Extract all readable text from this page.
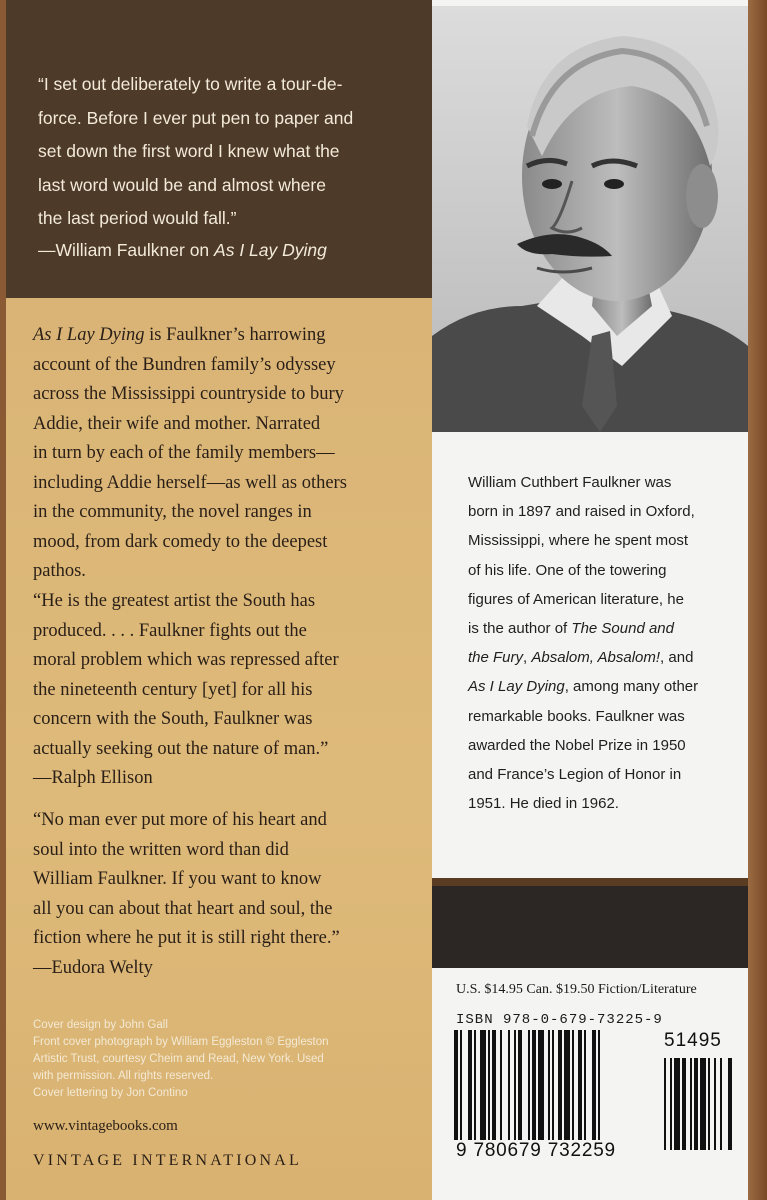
“I set out deliberately to write a tour-de-
force. Before I ever put pen to paper and
set down the first word I knew what the
last word would be and almost where
the last period would fall.”
—William Faulkner on As I Lay Dying
As I Lay Dying is Faulkner’s harrowing
account of the Bundren family’s odyssey
across the Mississippi countryside to bury
Addie, their wife and mother. Narrated
in turn by each of the family members—
including Addie herself—as well as others
in the community, the novel ranges in
mood, from dark comedy to the deepest
pathos.
“He is the greatest artist the South has
produced. . . . Faulkner fights out the
moral problem which was repressed after
the nineteenth century [yet] for all his
concern with the South, Faulkner was
actually seeking out the nature of man.”
—Ralph Ellison
“No man ever put more of his heart and
soul into the written word than did
William Faulkner. If you want to know
all you can about that heart and soul, the
fiction where he put it is still right there.”
—Eudora Welty
Cover design by John Gall
Front cover photograph by William Eggleston © Eggleston
Artistic Trust, courtesy Cheim and Read, New York. Used
with permission. All rights reserved.
Cover lettering by Jon Contino
www.vintagebooks.com
VINTAGE INTERNATIONAL
William Cuthbert Faulkner was
born in 1897 and raised in Oxford,
Mississippi, where he spent most
of his life. One of the towering
figures of American literature, he
is the author of The Sound and
the Fury, Absalom, Absalom!, and
As I Lay Dying, among many other
remarkable books. Faulkner was
awarded the Nobel Prize in 1950
and France’s Legion of Honor in
1951. He died in 1962.
U.S. $14.95 Can. $19.50 Fiction/Literature
ISBN 978-0-679-73225-9
51495
9 780679 732259
